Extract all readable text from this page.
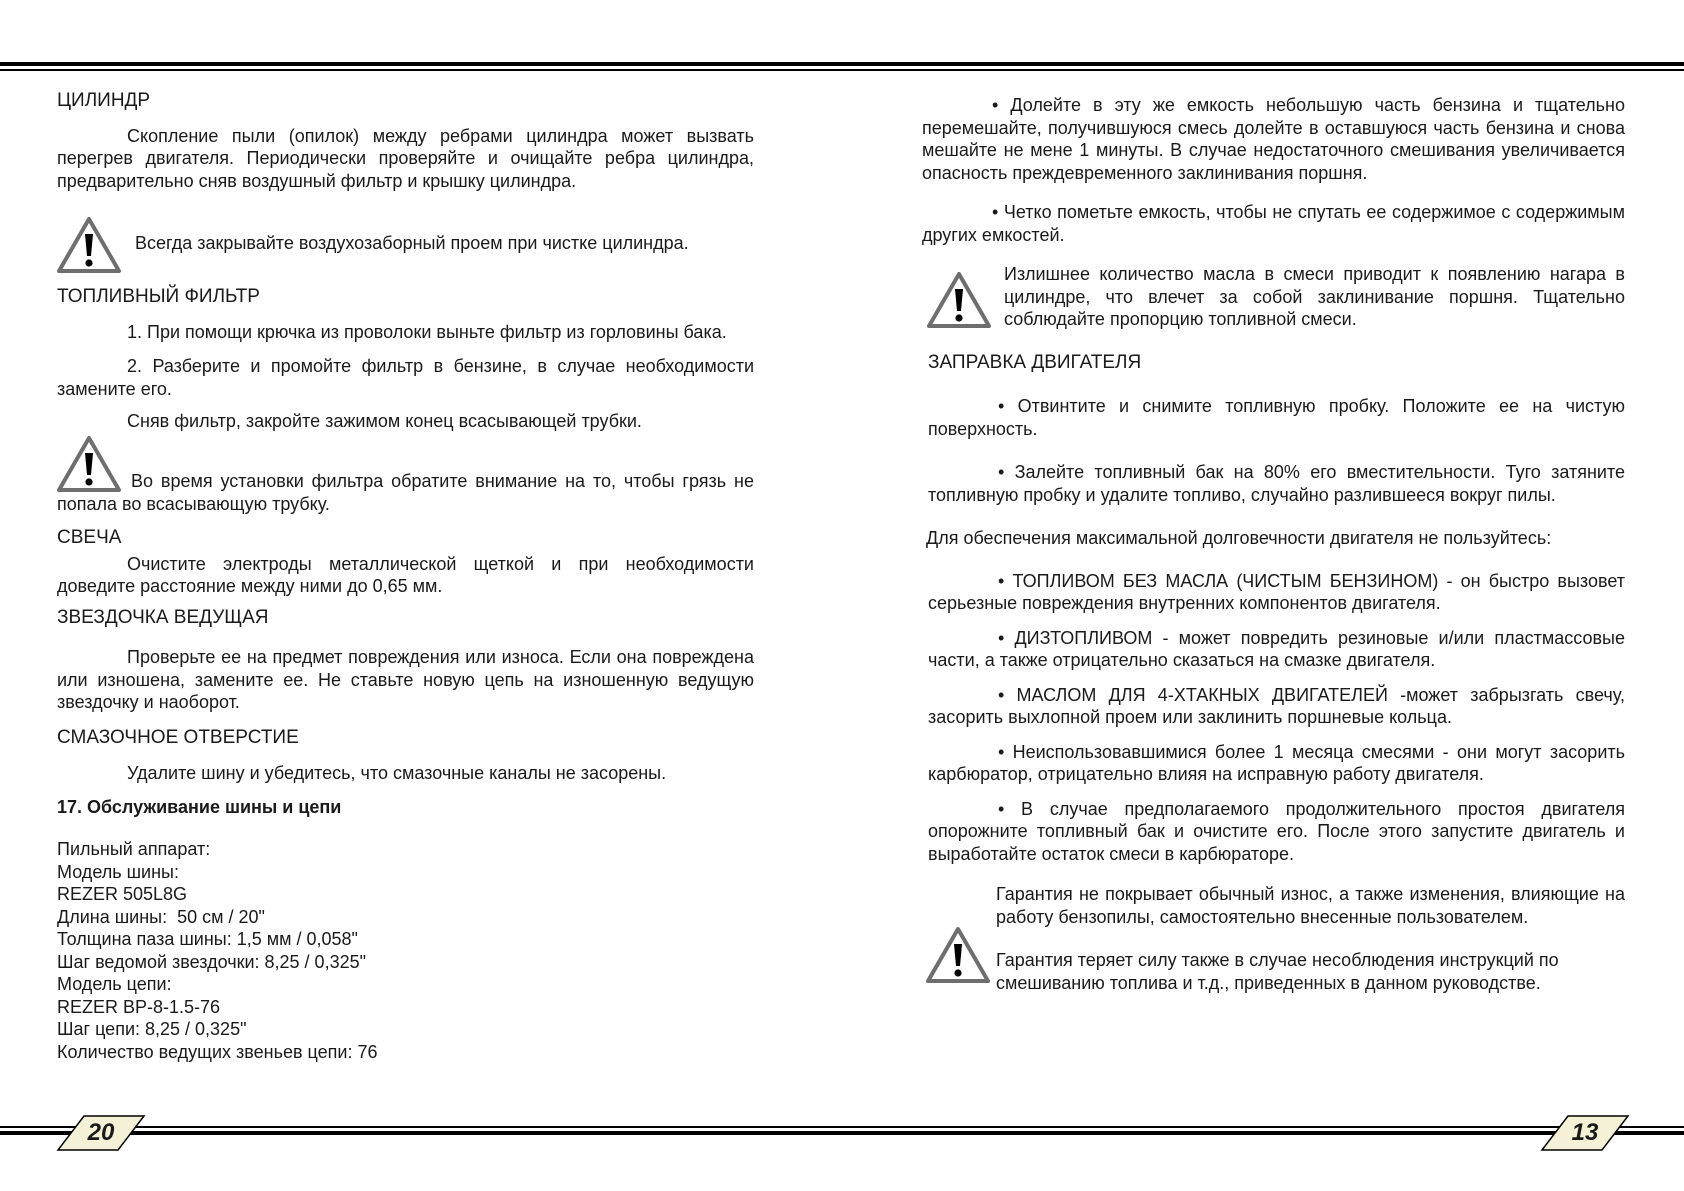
ЦИЛИНДР

Скопление пыли (опилок) между ребрами цилиндра может вызвать перегрев двигателя. Периодически проверяйте и очищайте ребра цилиндра, предварительно сняв воздушный фильтр и крышку цилиндра.

Всегда закрывайте воздухозаборный проем при чистке цилиндра.

ТОПЛИВНЫЙ ФИЛЬТР

1. При помощи крючка из проволоки выньте фильтр из горловины бака.

2. Разберите и промойте фильтр в бензине, в случае необходимости замените его.

Сняв фильтр, закройте зажимом конец всасывающей трубки.

Во время установки фильтра обратите внимание на то, чтобы грязь не попала во всасывающую трубку.

СВЕЧА

Очистите электроды металлической щеткой и при необходимости доведите расстояние между ними до 0,65 мм.

ЗВЕЗДОЧКА ВЕДУЩАЯ

Проверьте ее на предмет повреждения или износа. Если она повреждена или изношена, замените ее. Не ставьте новую цепь на изношенную ведущую звездочку и наоборот.

СМАЗОЧНОЕ ОТВЕРСТИЕ

Удалите шину и убедитесь, что смазочные каналы не засорены.

17. Обслуживание шины и цепи

Пильный аппарат:

Модель шины:

REZER 505L8G

Длина шины:  50 см / 20"

Толщина паза шины: 1,5 мм / 0,058"

Шаг ведомой звездочки: 8,25 / 0,325"

Модель цепи:

REZER BP-8-1.5-76

Шаг цепи: 8,25 / 0,325"

Количество ведущих звеньев цепи: 76

• Долейте в эту же емкость небольшую часть бензина и тщательно перемешайте, получившуюся смесь долейте в оставшуюся часть бензина и снова мешайте не мене 1 минуты. В случае недостаточного смешивания увеличивается опасность преждевременного заклинивания поршня.

• Четко пометьте емкость, чтобы не спутать ее содержимое с содержимым других емкостей.

Излишнее количество масла в смеси приводит к появлению нагара в цилиндре, что влечет за собой заклинивание поршня. Тщательно соблюдайте пропорцию топливной смеси.

ЗАПРАВКА ДВИГАТЕЛЯ

• Отвинтите и снимите топливную пробку. Положите ее на чистую поверхность.

• Залейте топливный бак на 80% его вместительности. Туго затяните топливную пробку и удалите топливо, случайно разлившееся вокруг пилы.

Для обеспечения максимальной долговечности двигателя не пользуйтесь:

• ТОПЛИВОМ БЕЗ МАСЛА (ЧИСТЫМ БЕНЗИНОМ) - он быстро вызовет серьезные повреждения внутренних компонентов двигателя.

• ДИЗТОПЛИВОМ - может повредить резиновые и/или пластмассовые части, а также отрицательно сказаться на смазке двигателя.

• МАСЛОМ ДЛЯ 4-ХТАКНЫХ ДВИГАТЕЛЕЙ -может забрызгать свечу, засорить выхлопной проем или заклинить поршневые кольца.

• Неиспользовавшимися более 1 месяца смесями - они могут засорить карбюратор, отрицательно влияя на исправную работу двигателя.

• В случае предполагаемого продолжительного простоя двигателя опорожните топливный бак и очистите его. После этого запустите двигатель и выработайте остаток смеси в карбюраторе.

Гарантия не покрывает обычный износ, а также изменения, влияющие на работу бензопилы, самостоятельно внесенные пользователем.

Гарантия теряет силу также в случае несоблюдения инструкций по смешиванию топлива и т.д., приведенных в данном руководстве.

20	13
